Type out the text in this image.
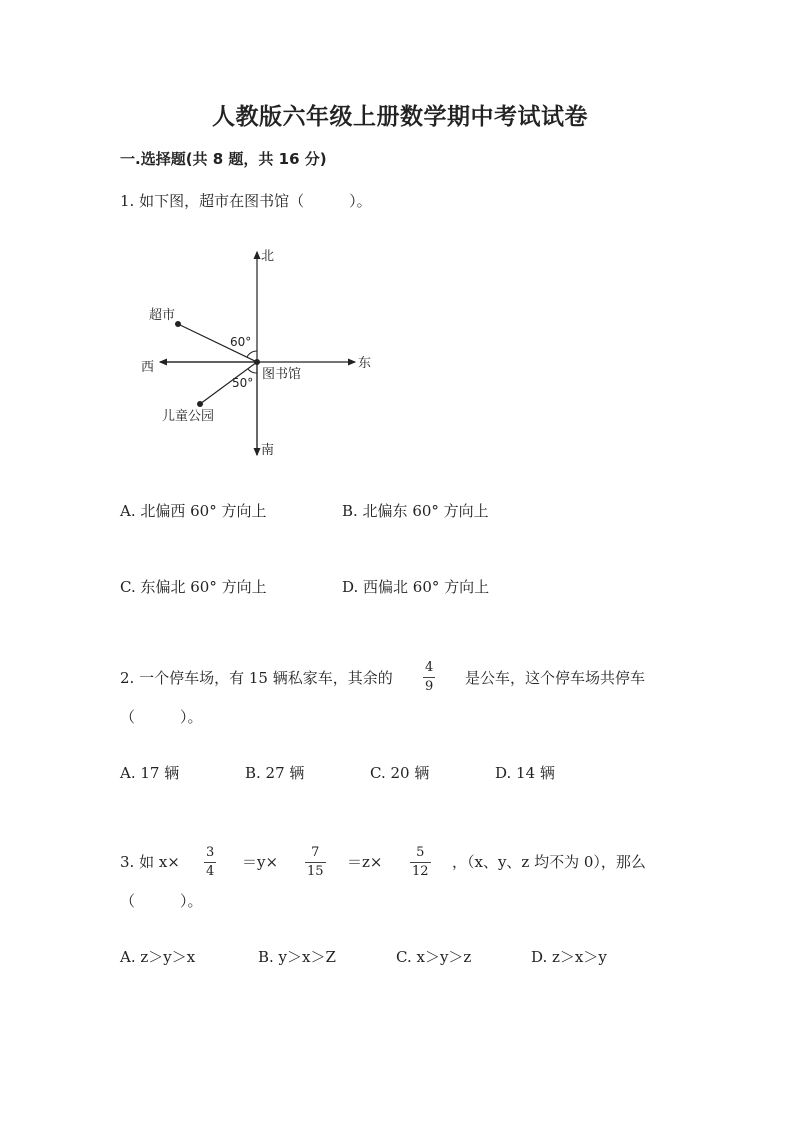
人教版六年级上册数学期中考试试卷
一.选择题(共 8 题，共 16 分)
1. 如下图，超市在图书馆（　　　）。
北
南
东
西
超市
图书馆
儿童公园
60°
50°
A. 北偏西 60° 方向上	B. 北偏东 60° 方向上
C. 东偏北 60° 方向上	D. 西偏北 60° 方向上
2. 一个停车场，有 15 辆私家车，其余的
4
9 是公车，这个停车场共停车
（　　　）。
A. 17 辆	B. 27 辆	C. 20 辆	D. 14 辆
3. 如 x×
3
4
＝y×
7
15
＝z×
5
12
，（x、y、z 均不为 0），那么
（　　　）。
A. z＞y＞x	B. y＞x＞Z	C. x＞y＞z	D. z＞x＞y
